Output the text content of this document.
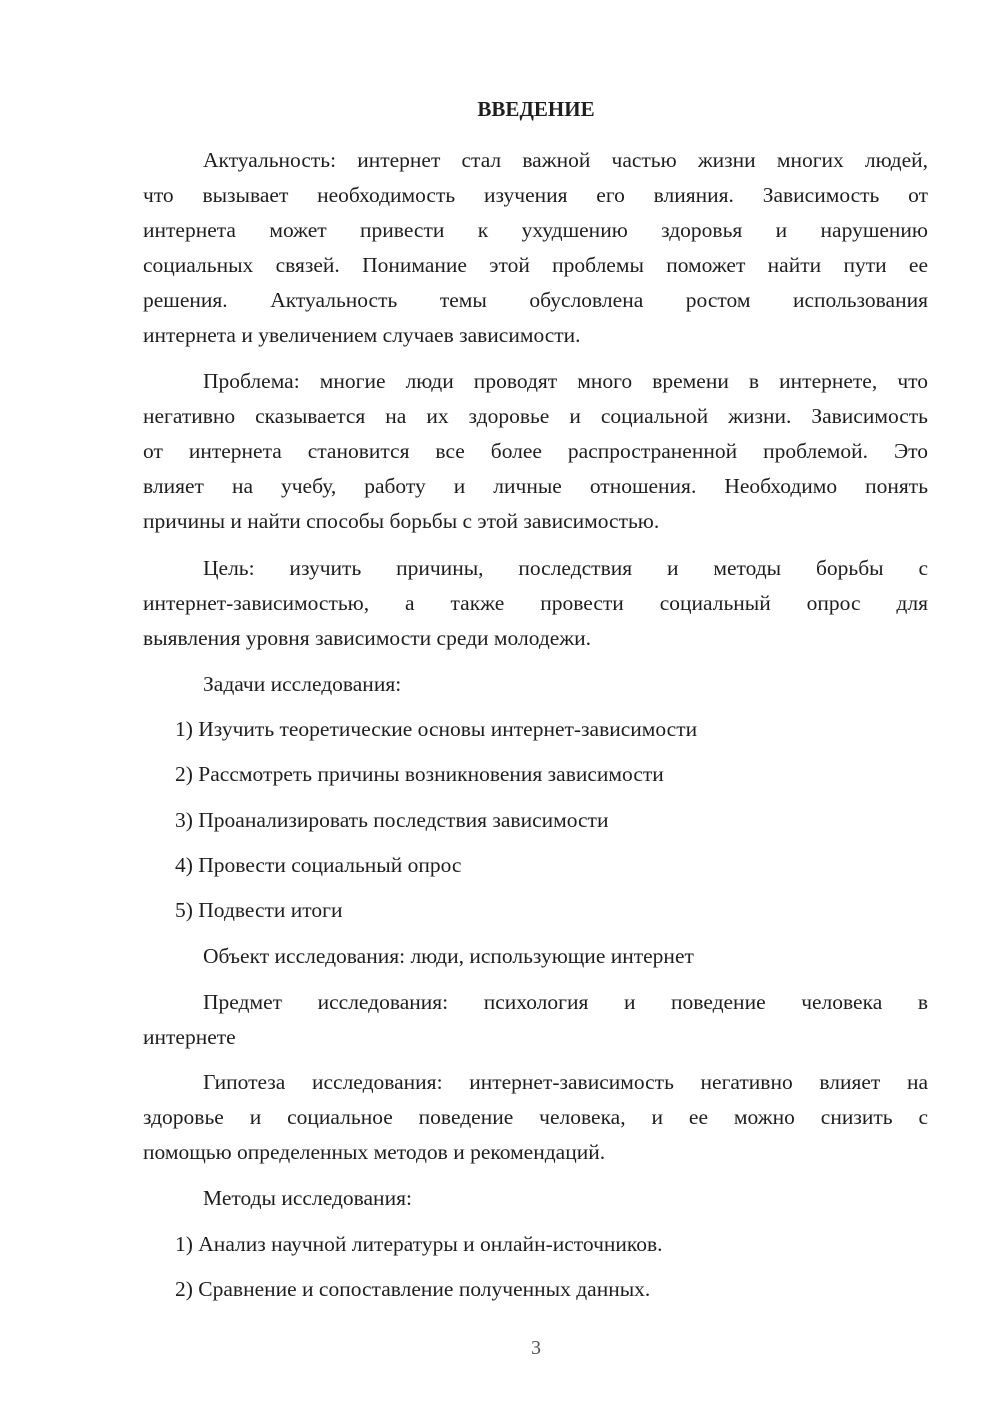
ВВЕДЕНИЕ
Актуальность: интернет стал важной частью жизни многих людей,
что вызывает необходимость изучения его влияния. Зависимость от
интернета может привести к ухудшению здоровья и нарушению
социальных связей. Понимание этой проблемы поможет найти пути ее
решения. Актуальность темы обусловлена ростом использования
интернета и увеличением случаев зависимости.
Проблема: многие люди проводят много времени в интернете, что
негативно сказывается на их здоровье и социальной жизни. Зависимость
от интернета становится все более распространенной проблемой. Это
влияет на учебу, работу и личные отношения. Необходимо понять
причины и найти способы борьбы с этой зависимостью.
Цель: изучить причины, последствия и методы борьбы с
интернет-зависимостью, а также провести социальный опрос для
выявления уровня зависимости среди молодежи.
Задачи исследования:
1) Изучить теоретические основы интернет-зависимости
2) Рассмотреть причины возникновения зависимости
3) Проанализировать последствия зависимости
4) Провести социальный опрос
5) Подвести итоги
Объект исследования: люди, использующие интернет
Предмет исследования: психология и поведение человека в
интернете
Гипотеза исследования: интернет-зависимость негативно влияет на
здоровье и социальное поведение человека, и ее можно снизить с
помощью определенных методов и рекомендаций.
Методы исследования:
1) Анализ научной литературы и онлайн-источников.
2) Сравнение и сопоставление полученных данных.
3
